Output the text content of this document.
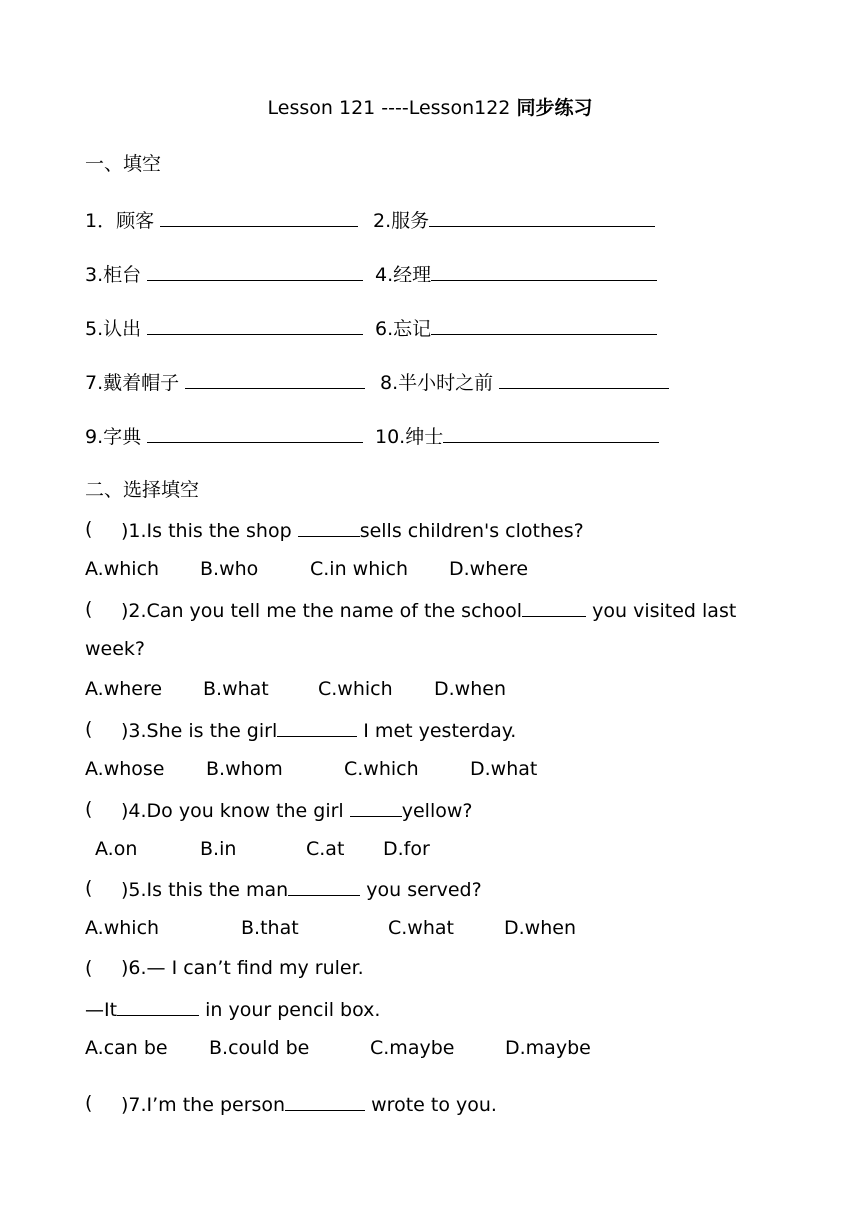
Lesson 121 ----Lesson122 同步练习
一、填空
1．顾客	2.服务
3.柜台	4.经理
5.认出	6.忘记
7.戴着帽子	8.半小时之前
9.字典	10.绅士
二、选择填空
( )1.Is this the shop	sells children's clothes?
A.which B.who	C.in which D.where
( )2.Can you tell me the name of the school	you visited last
week?
A.where B.what	C.which D.when
( )3.She is the girl	I met yesterday.
A.whose B.whom	C.which	D.what
( )4.Do you know the girl	yellow?
A.on	B.in	C.at D.for
( )5.Is this the man	you served?
A.which	B.that	C.what	D.when
( )6.— I can’t find my ruler.
—It	in your pencil box.
A.can be B.could be	C.maybe	D.maybe
( )7.I’m the person	wrote to you.
